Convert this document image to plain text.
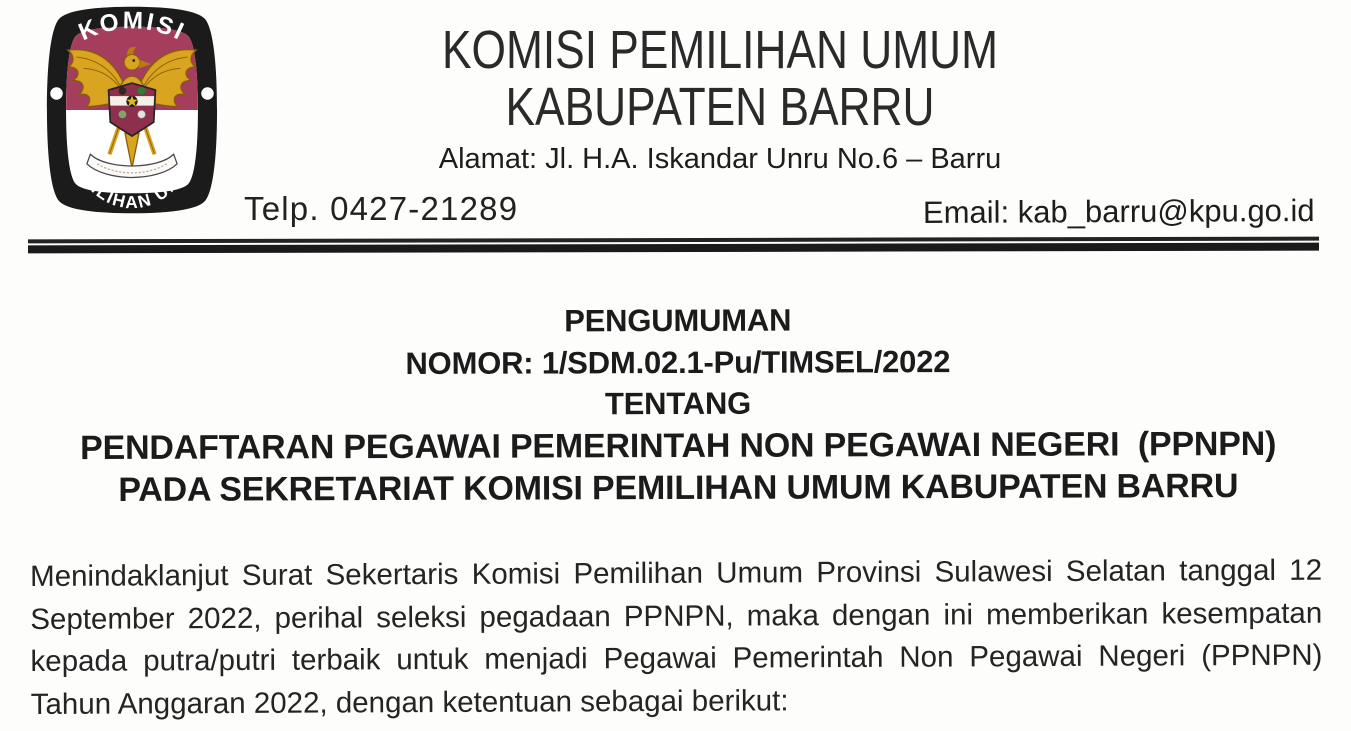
KOMISI
PEMILIHAN UMUM
KOMISI PEMILIHAN UMUM
KABUPATEN BARRU
Alamat: Jl. H.A. Iskandar Unru No.6 – Barru
Telp. 0427-21289	Email: kab_barru@kpu.go.id
PENGUMUMAN
NOMOR: 1/SDM.02.1-Pu/TIMSEL/2022
TENTANG
PENDAFTARAN PEGAWAI PEMERINTAH NON PEGAWAI NEGERI  (PPNPN)
PADA SEKRETARIAT KOMISI PEMILIHAN UMUM KABUPATEN BARRU
Menindaklanjut Surat Sekertaris Komisi Pemilihan Umum Provinsi Sulawesi Selatan tanggal 12
September 2022, perihal seleksi pegadaan PPNPN, maka dengan ini memberikan kesempatan
kepada putra/putri terbaik untuk menjadi Pegawai Pemerintah Non Pegawai Negeri (PPNPN)
Tahun Anggaran 2022, dengan ketentuan sebagai berikut:
